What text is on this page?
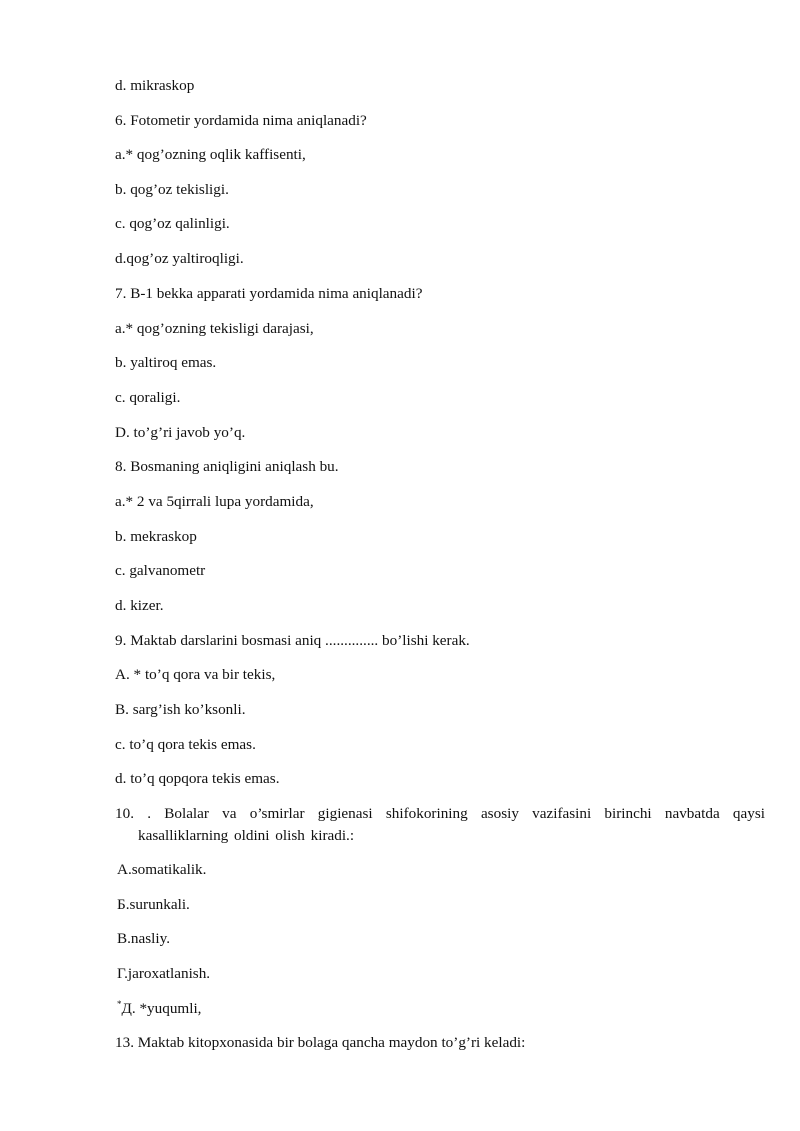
d. mikraskop
6. Fotometir yordamida nima aniqlanadi?
a.* qog’ozning oqlik kaffisenti,
b. qog’oz tekisligi.
c. qog’oz qalinligi.
d.qog’oz yaltiroqligi.
7. B-1 bekka apparati yordamida nima aniqlanadi?
a.* qog’ozning tekisligi darajasi,
b. yaltiroq emas.
c. qoraligi.
D. to’g’ri javob yo’q.
8. Bosmaning aniqligini aniqlash bu.
a.* 2 va 5qirrali lupa yordamida,
b. mekraskop
c. galvanometr
d. kizer.
9. Maktab darslarini bosmasi aniq .............. bo’lishi kerak.
A. * to’q qora va bir tekis,
B. sarg’ish ko’ksonli.
c. to’q qora tekis emas.
d. to’q qopqora tekis emas.
10. . Bolalar va o’smirlar gigienasi shifokorining asosiy vazifasini birinchi navbatda qaysi kasalliklarning oldini olish kiradi.:
А.somatikalik.
Б.surunkali.
В.nasliy.
Г.jaroxatlanish.
*Д. *yuqumli,
13. Maktab kitopxonasida bir bolaga qancha maydon to’g’ri keladi:
